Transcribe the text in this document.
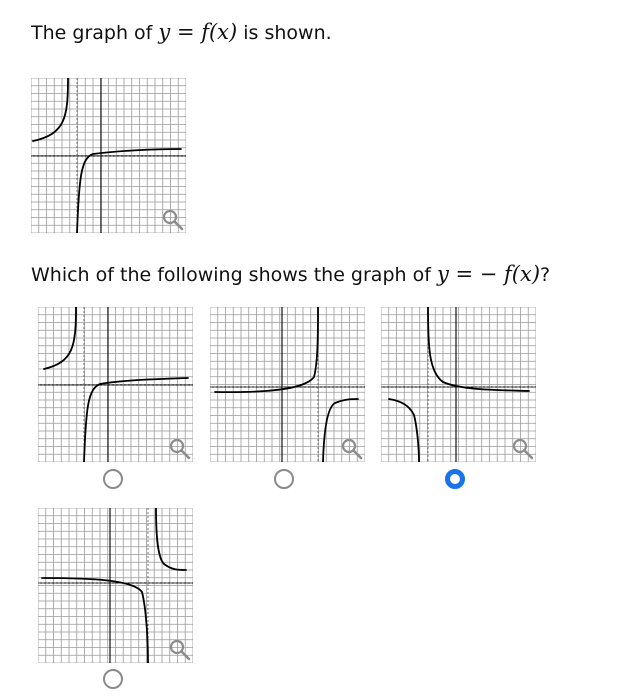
The graph of y = f(x) is shown.
Which of the following shows the graph of y = − f(x)?
